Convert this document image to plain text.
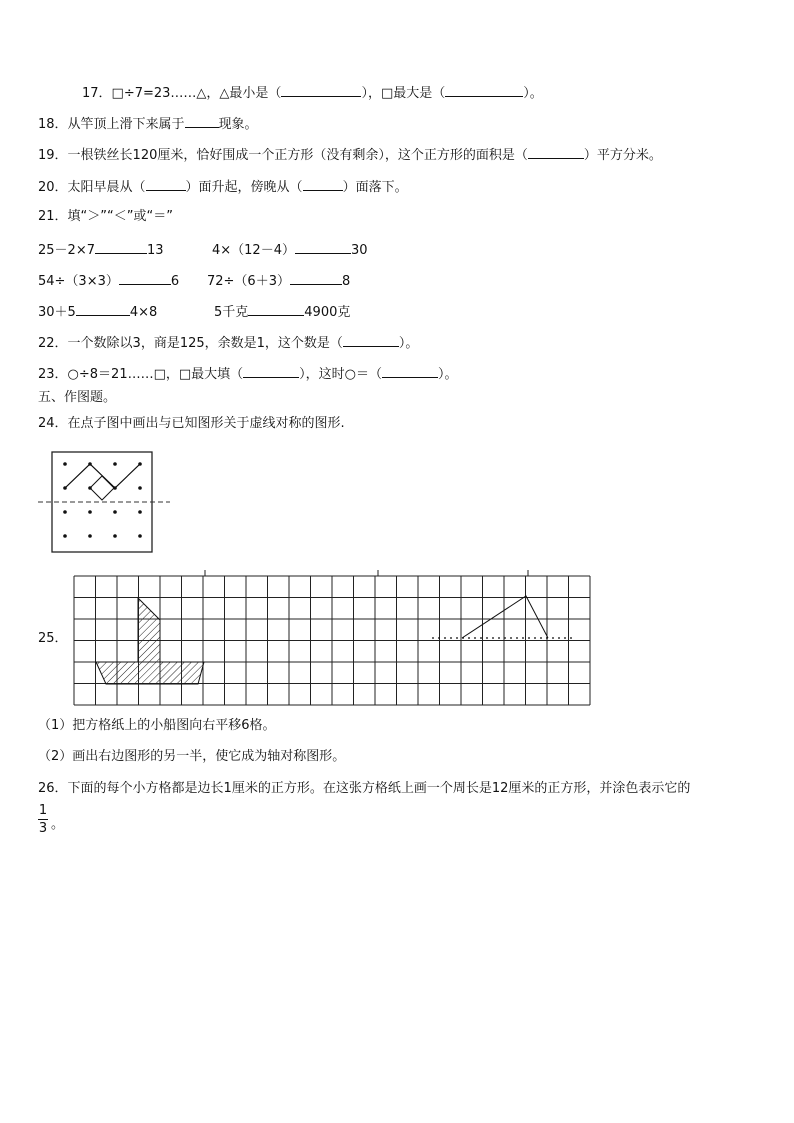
17．□÷7=23……△，△最小是（	），□最大是（	）。
18．从竿顶上滑下来属于	现象。
19．一根铁丝长120厘米，恰好围成一个正方形（没有剩余），这个正方形的面积是（	）平方分米。
20．太阳早晨从（	）面升起，傍晚从（	）面落下。
21．填“＞”“＜”或“＝”
25－2×7	13	4×（12－4）	30
54÷（3×3）	6 72÷（6＋3）	8
30＋5	4×8	5千克	4900克
22．一个数除以3，商是125，余数是1，这个数是（	）。
23．○÷8＝21……□，□最大填（	），这时○＝（	）。
五、作图题。
24．在点子图中画出与已知图形关于虚线对称的图形.
25．
（1）把方格纸上的小船图向右平移6格。
（2）画出右边图形的另一半，使它成为轴对称图形。
26．下面的每个小方格都是边长1厘米的正方形。在这张方格纸上画一个周长是12厘米的正方形，并涂色表示它的
1
3 。
